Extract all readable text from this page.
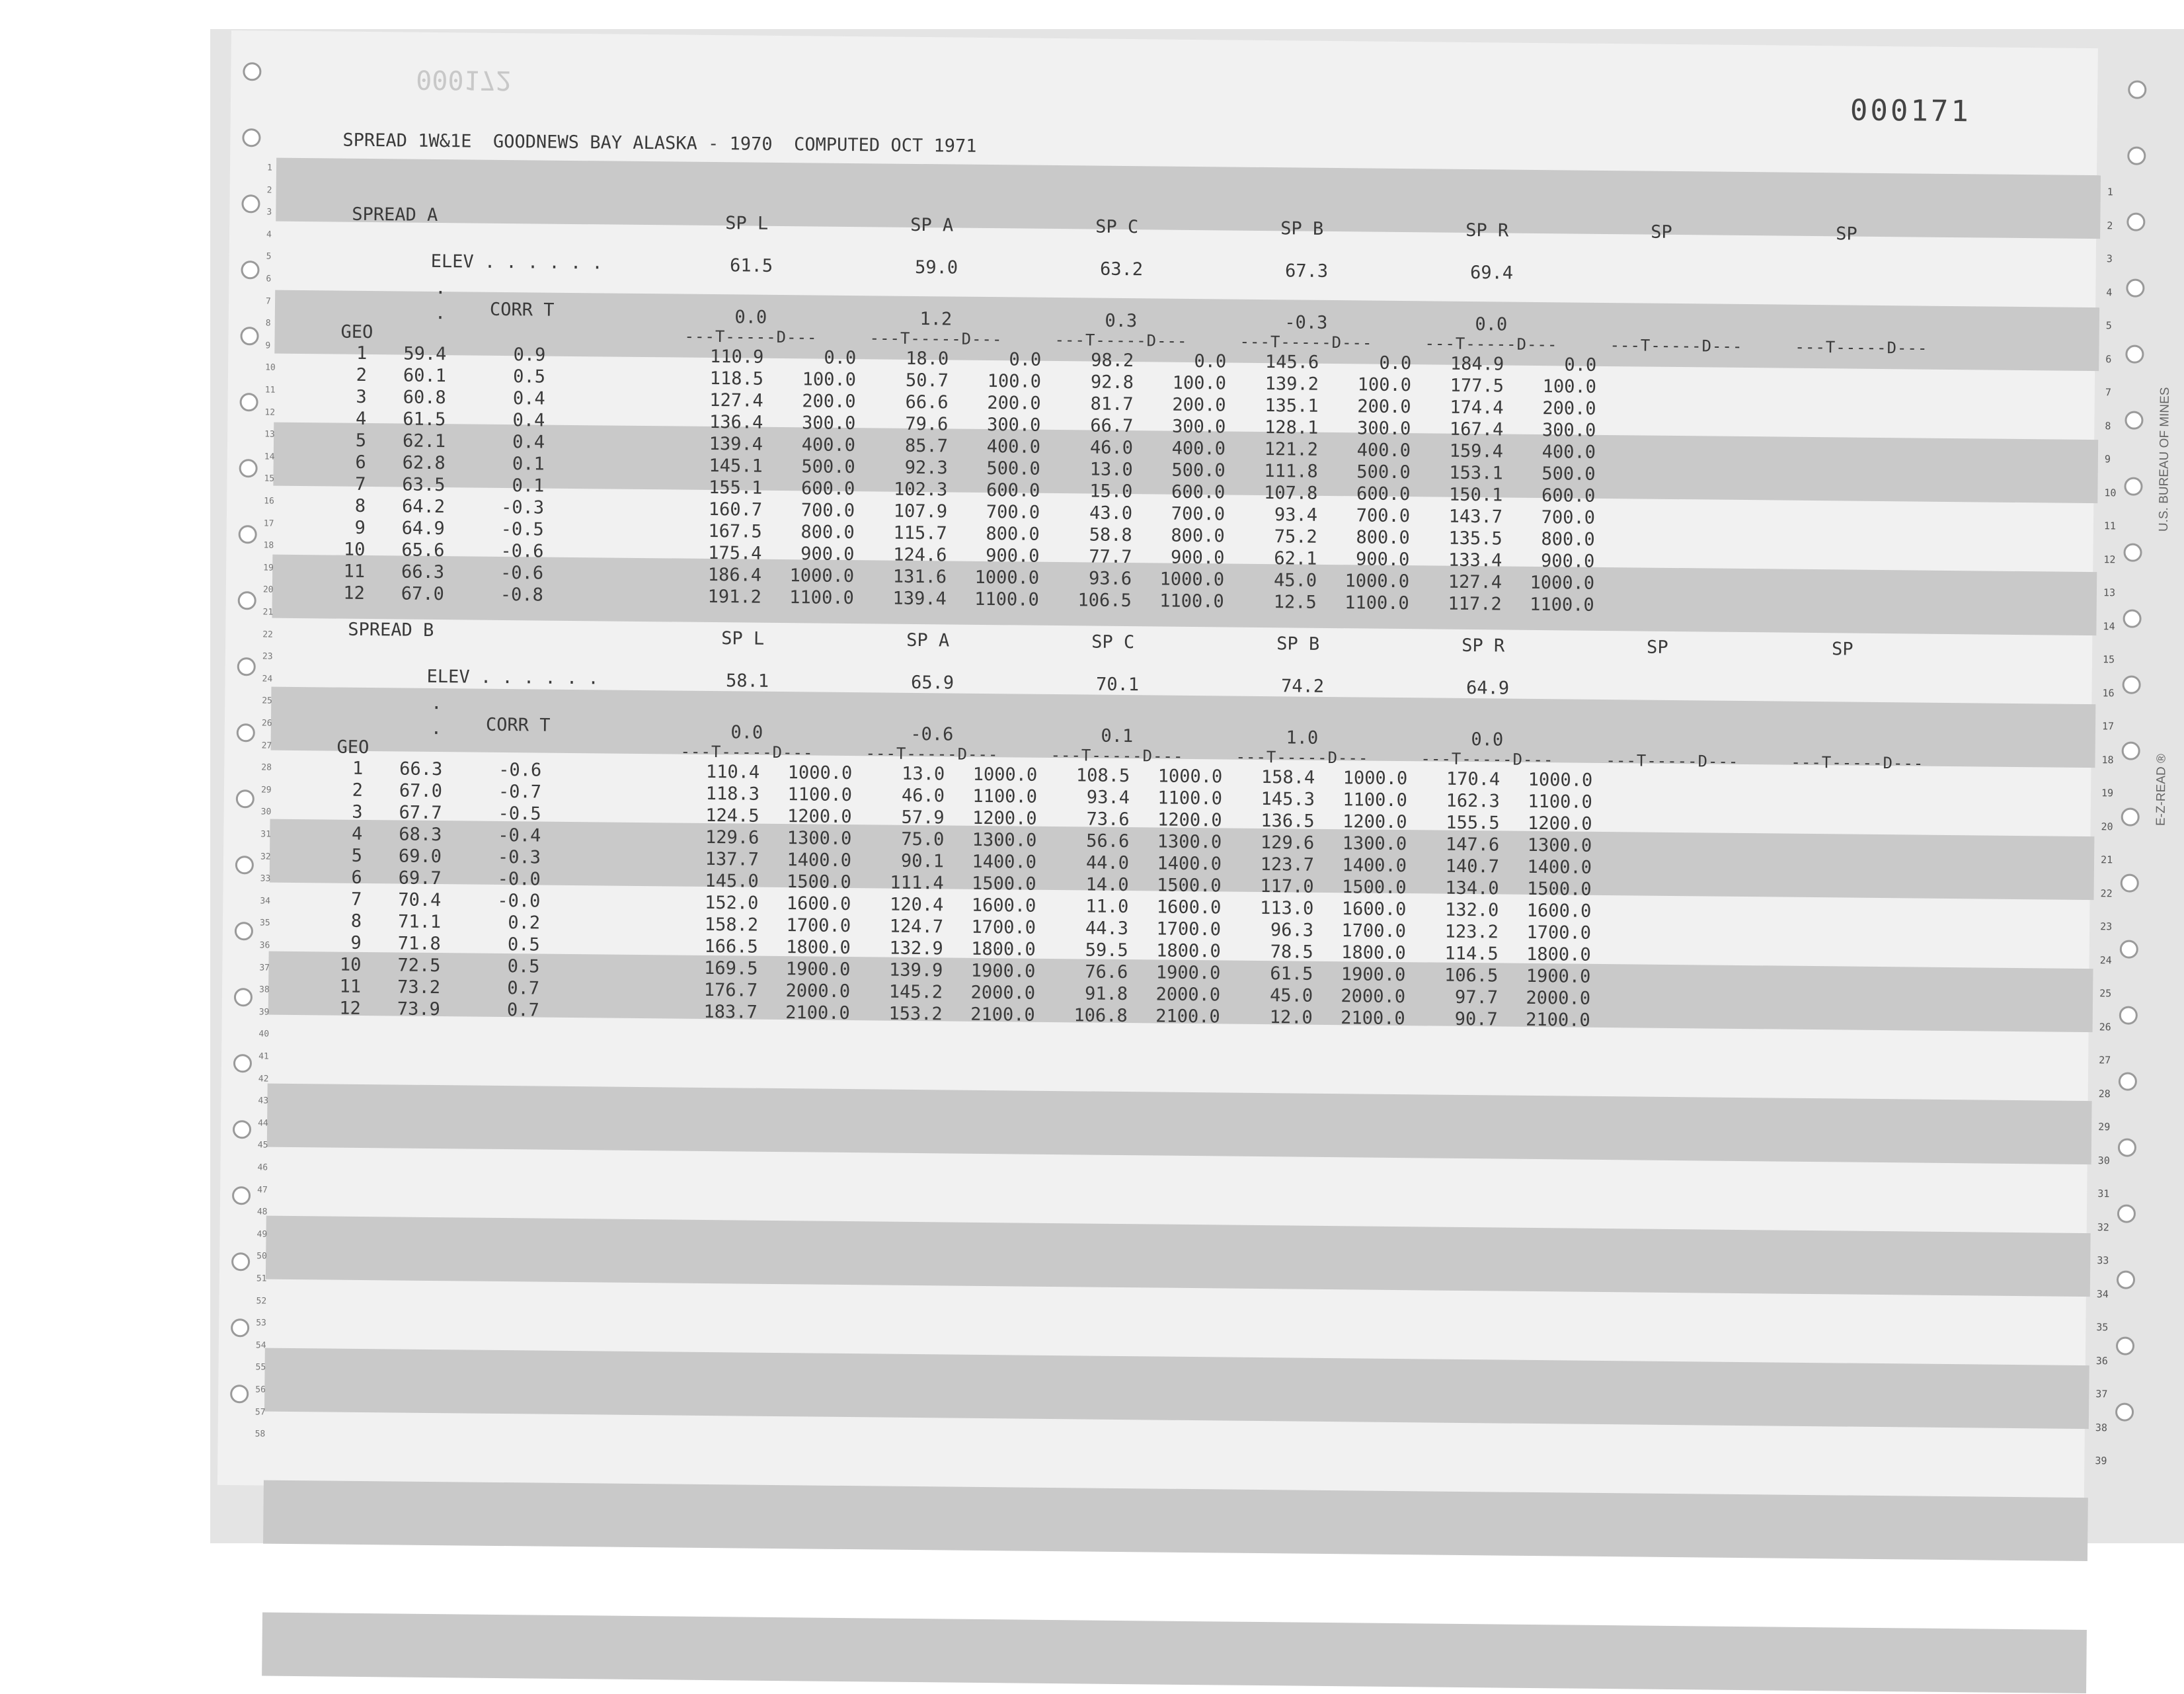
000172
000171
SPREAD 1W&1E  GOODNEWS BAY ALASKA - 1970  COMPUTED OCT 1971
1
2
3
4
5
6
7
8
9
10
11
12
13
14
15
16
17
18
19
20
21
22
23
24
25
26
27
28
29
30
31
32
33
34
35
36
37
38
39
40
41
42
43
44
45
46
47
48
49
50
51
52
53
54
55
56
57
58
1
2
3
4
5
6
7
8
9
10
11
12
13
14
15
16
17
18
19
20
21
22
23
24
25
26
27
28
29
30
31
32
33
34
35
36
37
38
39
SPREAD A	SP L	SP A	SP C	SP B	SP R	SP	SP
ELEV . . . . . .	61.5	59.0	63.2	67.3	69.4
.
CORR T
.	0.0	1.2	0.3	-0.3	0.0
GEO	---T-----D---	---T-----D---	---T-----D---	---T-----D---	---T-----D---	---T-----D---	---T-----D---
1	59.4	0.9	110.9	0.0	18.0	0.0	98.2	0.0	145.6	0.0	184.9	0.0
2	60.1	0.5	118.5	100.0	50.7	100.0	92.8	100.0	139.2	100.0	177.5	100.0
3	60.8	0.4	127.4	200.0	66.6	200.0	81.7	200.0	135.1	200.0	174.4	200.0
4	61.5	0.4	136.4	300.0	79.6	300.0	66.7	300.0	128.1	300.0	167.4	300.0
5	62.1	0.4	139.4	400.0	85.7	400.0	46.0	400.0	121.2	400.0	159.4	400.0
6	62.8	0.1	145.1	500.0	92.3	500.0	13.0	500.0	111.8	500.0	153.1	500.0
7	63.5	0.1	155.1	600.0	102.3	600.0	15.0	600.0	107.8	600.0	150.1	600.0
8	64.2	-0.3	160.7	700.0	107.9	700.0	43.0	700.0	93.4	700.0	143.7	700.0
9	64.9	-0.5	167.5	800.0	115.7	800.0	58.8	800.0	75.2	800.0	135.5	800.0
10	65.6	-0.6	175.4	900.0	124.6	900.0	77.7	900.0	62.1	900.0	133.4	900.0
11	66.3	-0.6	186.4	1000.0	131.6	1000.0	93.6	1000.0	45.0	1000.0	127.4	1000.0
12	67.0	-0.8	191.2	1100.0	139.4	1100.0	106.5	1100.0	12.5	1100.0	117.2	1100.0
SPREAD B	SP L	SP A	SP C	SP B	SP R	SP	SP
ELEV . . . . . .	58.1	65.9	70.1	74.2	64.9
.
CORR T
.	0.0	-0.6	0.1	1.0	0.0
GEO	---T-----D---	---T-----D---	---T-----D---	---T-----D---	---T-----D---	---T-----D---	---T-----D---
1	66.3	-0.6	110.4	1000.0	13.0	1000.0	108.5	1000.0	158.4	1000.0	170.4	1000.0
2	67.0	-0.7	118.3	1100.0	46.0	1100.0	93.4	1100.0	145.3	1100.0	162.3	1100.0
3	67.7	-0.5	124.5	1200.0	57.9	1200.0	73.6	1200.0	136.5	1200.0	155.5	1200.0
4	68.3	-0.4	129.6	1300.0	75.0	1300.0	56.6	1300.0	129.6	1300.0	147.6	1300.0
5	69.0	-0.3	137.7	1400.0	90.1	1400.0	44.0	1400.0	123.7	1400.0	140.7	1400.0
6	69.7	-0.0	145.0	1500.0	111.4	1500.0	14.0	1500.0	117.0	1500.0	134.0	1500.0
7	70.4	-0.0	152.0	1600.0	120.4	1600.0	11.0	1600.0	113.0	1600.0	132.0	1600.0
8	71.1	0.2	158.2	1700.0	124.7	1700.0	44.3	1700.0	96.3	1700.0	123.2	1700.0
9	71.8	0.5	166.5	1800.0	132.9	1800.0	59.5	1800.0	78.5	1800.0	114.5	1800.0
10	72.5	0.5	169.5	1900.0	139.9	1900.0	76.6	1900.0	61.5	1900.0	106.5	1900.0
11	73.2	0.7	176.7	2000.0	145.2	2000.0	91.8	2000.0	45.0	2000.0	97.7	2000.0
12	73.9	0.7	183.7	2100.0	153.2	2100.0	106.8	2100.0	12.0	2100.0	90.7	2100.0
U.S. BUREAU OF MINES
E-Z-READ ®
